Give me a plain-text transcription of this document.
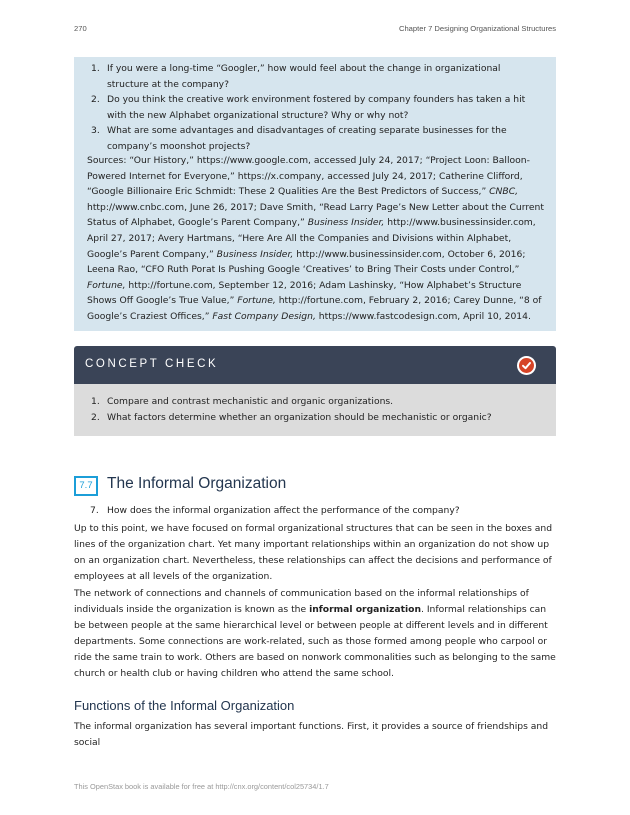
270	Chapter 7 Designing Organizational Structures
1. If you were a long-time “Googler,” how would feel about the change in organizational structure at the company?
2. Do you think the creative work environment fostered by company founders has taken a hit with the new Alphabet organizational structure? Why or why not?
3. What are some advantages and disadvantages of creating separate businesses for the company’s moonshot projects?
Sources: “Our History,” https://www.google.com, accessed July 24, 2017; “Project Loon: Balloon-Powered Internet for Everyone,” https://x.company, accessed July 24, 2017; Catherine Clifford, “Google Billionaire Eric Schmidt: These 2 Qualities Are the Best Predictors of Success,” CNBC, http://www.cnbc.com, June 26, 2017; Dave Smith, “Read Larry Page’s New Letter about the Current Status of Alphabet, Google’s Parent Company,” Business Insider, http://www.businessinsider.com, April 27, 2017; Avery Hartmans, “Here Are All the Companies and Divisions within Alphabet, Google’s Parent Company,” Business Insider, http://www.businessinsider.com, October 6, 2016; Leena Rao, “CFO Ruth Porat Is Pushing Google ‘Creatives’ to Bring Their Costs under Control,” Fortune, http://fortune.com, September 12, 2016; Adam Lashinsky, “How Alphabet’s Structure Shows Off Google’s True Value,” Fortune, http://fortune.com, February 2, 2016; Carey Dunne, “8 of Google’s Craziest Offices,” Fast Company Design, https://www.fastcodesign.com, April 10, 2014.
CONCEPT CHECK
1. Compare and contrast mechanistic and organic organizations.
2. What factors determine whether an organization should be mechanistic or organic?
7.7 The Informal Organization
7. How does the informal organization affect the performance of the company?

Up to this point, we have focused on formal organizational structures that can be seen in the boxes and lines of the organization chart. Yet many important relationships within an organization do not show up on an organization chart. Nevertheless, these relationships can affect the decisions and performance of employees at all levels of the organization.

The network of connections and channels of communication based on the informal relationships of individuals inside the organization is known as the informal organization. Informal relationships can be between people at the same hierarchical level or between people at different levels and in different departments. Some connections are work-related, such as those formed among people who carpool or ride the same train to work. Others are based on nonwork commonalities such as belonging to the same church or health club or having children who attend the same school.

Functions of the Informal Organization

The informal organization has several important functions. First, it provides a source of friendships and social

This OpenStax book is available for free at http://cnx.org/content/col25734/1.7
